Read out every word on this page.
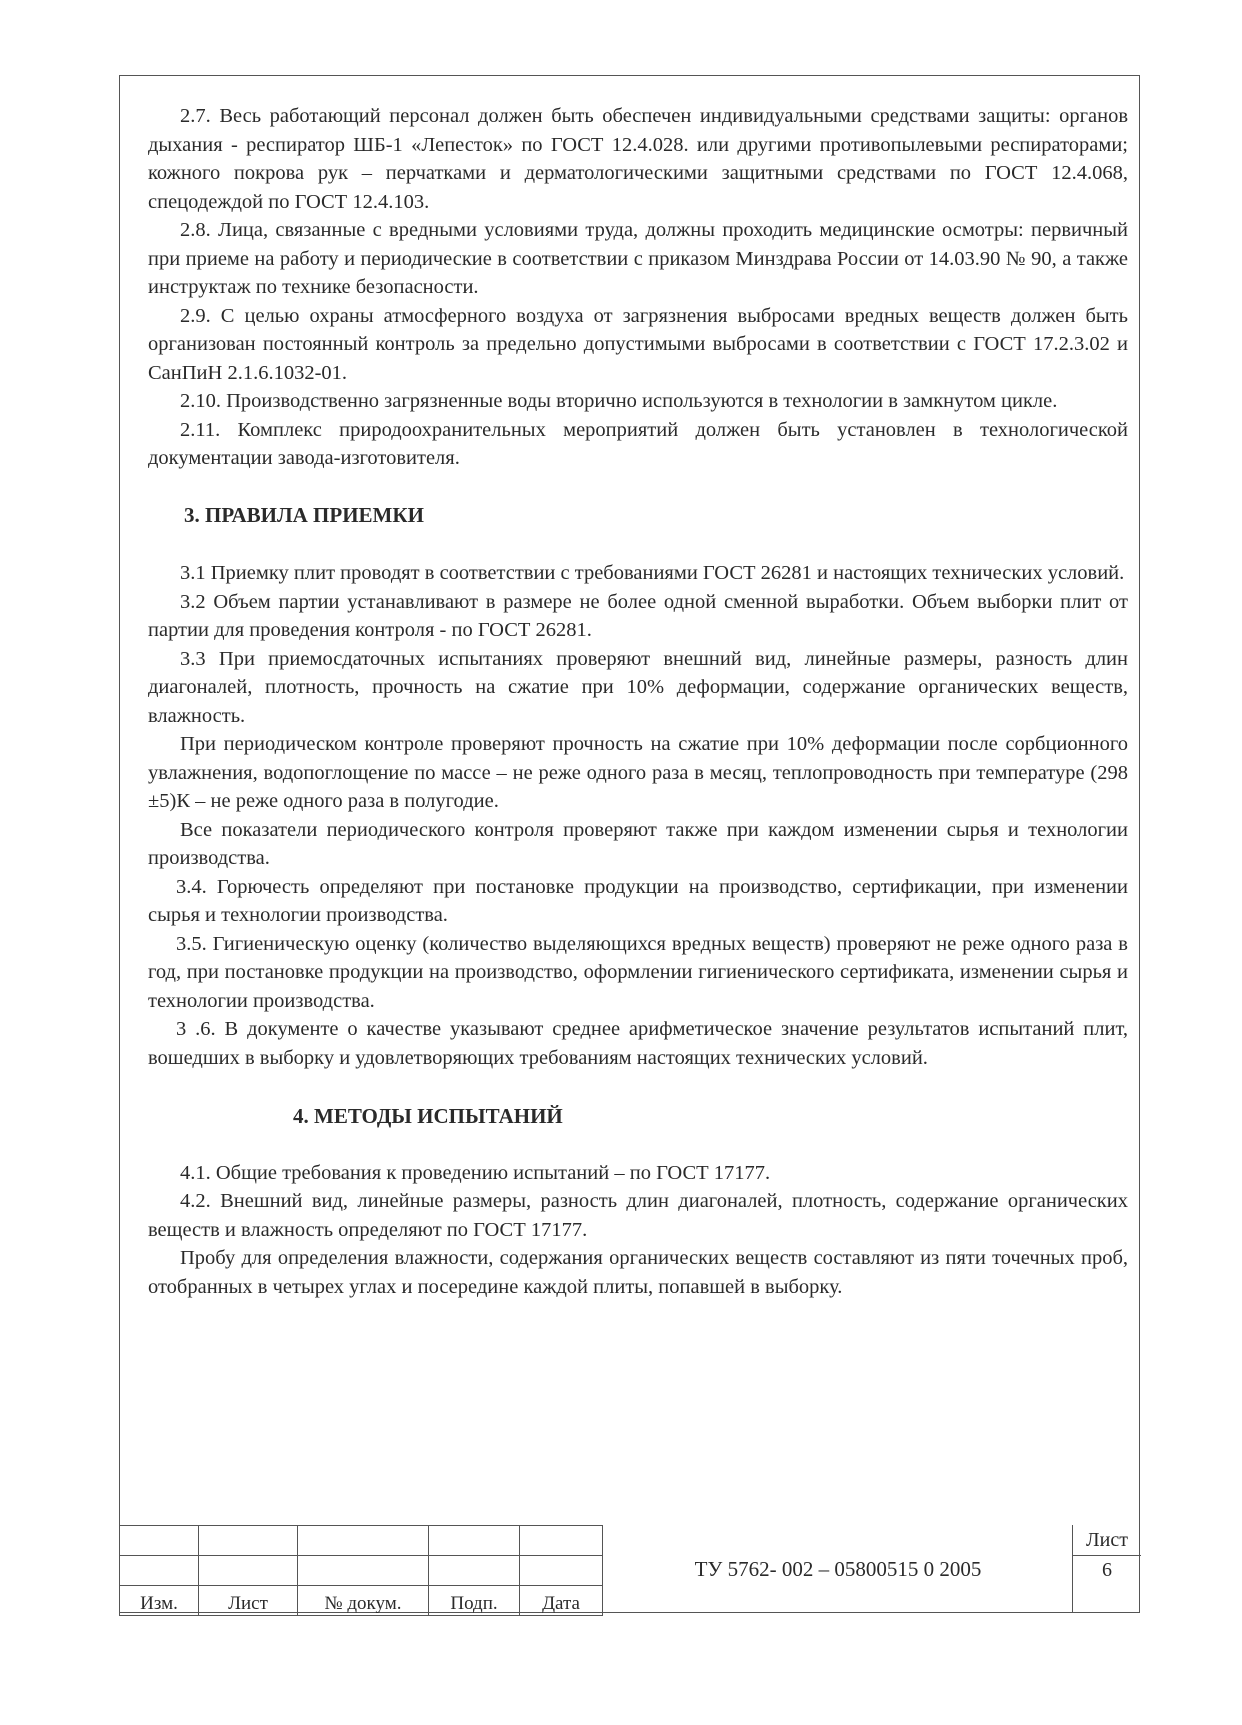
2.7. Весь работающий персонал должен быть обеспечен индивидуальными средствами защиты: органов дыхания - респиратор ШБ-1 «Лепесток» по ГОСТ 12.4.028. или другими противопылевыми респираторами; кожного покрова рук – перчатками и дерматологическими защитными средствами по ГОСТ 12.4.068, спецодеждой по ГОСТ 12.4.103.

2.8. Лица, связанные с вредными условиями труда, должны проходить медицинские осмотры: первичный при приеме на работу и периодические в соответствии с приказом Минздрава России от 14.03.90 № 90, а также инструктаж по технике безопасности.

2.9. С целью охраны атмосферного воздуха от загрязнения выбросами вредных веществ должен быть организован постоянный контроль за предельно допустимыми выбросами в соответствии с ГОСТ 17.2.3.02 и СанПиН 2.1.6.1032-01.

2.10. Производственно загрязненные воды вторично используются в технологии в замкнутом цикле.

2.11. Комплекс природоохранительных мероприятий должен быть установлен в технологической документации завода-изготовителя.

3. ПРАВИЛА ПРИЕМКИ

3.1 Приемку плит проводят в соответствии с требованиями ГОСТ 26281 и настоящих технических условий.

3.2 Объем партии устанавливают в размере не более одной сменной выработки. Объем выборки плит от партии для проведения контроля - по ГОСТ 26281.

3.3 При приемосдаточных испытаниях проверяют внешний вид, линейные размеры, разность длин диагоналей, плотность, прочность на сжатие при 10% деформации, содержание органических веществ, влажность.

При периодическом контроле проверяют прочность на сжатие при 10% деформации после сорбционного увлажнения, водопоглощение по массе – не реже одного раза в месяц, теплопроводность при температуре (298 ±5)К – не реже одного раза в полугодие.

Все показатели периодического контроля проверяют также при каждом изменении сырья и технологии производства.

3.4. Горючесть определяют при постановке продукции на производство, сертификации, при изменении сырья и технологии производства.

3.5. Гигиеническую оценку (количество выделяющихся вредных веществ) проверяют не реже одного раза в год, при постановке продукции на производство, оформлении гигиенического сертификата, изменении сырья и технологии производства.

3 .6. В документе о качестве указывают среднее арифметическое значение результатов испытаний плит, вошедших в выборку и удовлетворяющих требованиям настоящих технических условий.

4. МЕТОДЫ ИСПЫТАНИЙ

4.1. Общие требования к проведению испытаний – по ГОСТ 17177.

4.2. Внешний вид, линейные размеры, разность длин диагоналей, плотность, содержание органических веществ и влажность определяют по ГОСТ 17177.

Пробу для определения влажности, содержания органических веществ составляют из пяти точечных проб, отобранных в четырех углах и посередине каждой плиты, попавшей в выборку.

Изм.	Лист	№ докум.	Подп.	Дата
ТУ 5762- 002 – 05800515 0 2005
Лист
6
